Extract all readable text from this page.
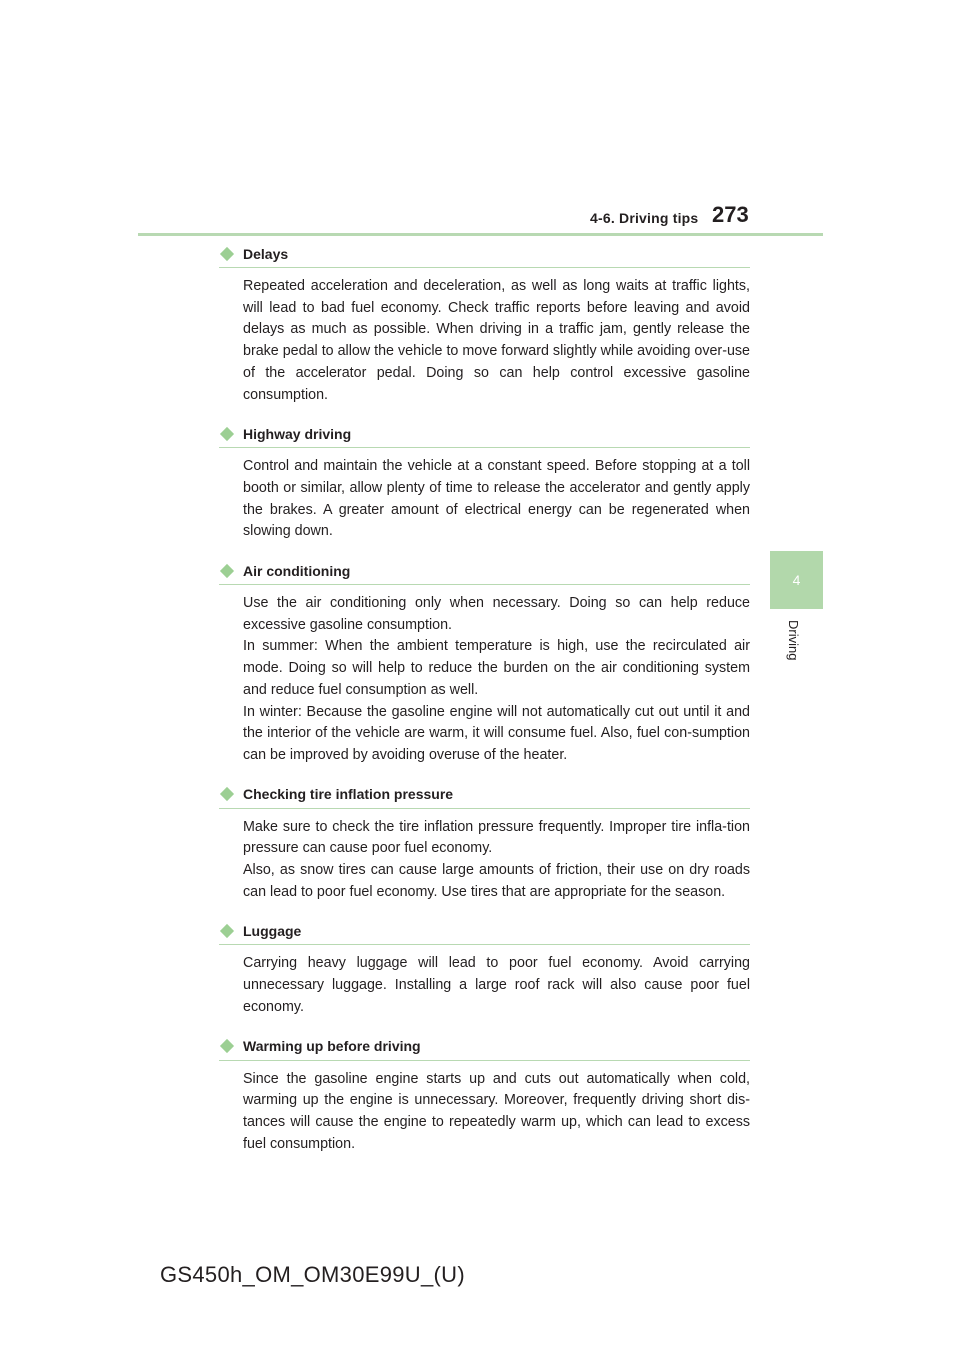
4-6. Driving tips 273
4
Driving
Delays

Repeated acceleration and deceleration, as well as long waits at traffic lights, will lead to bad fuel economy. Check traffic reports before leaving and avoid delays as much as possible. When driving in a traffic jam, gently release the brake pedal to allow the vehicle to move forward slightly while avoiding over-use of the accelerator pedal. Doing so can help control excessive gasoline consumption.

Highway driving

Control and maintain the vehicle at a constant speed. Before stopping at a toll booth or similar, allow plenty of time to release the accelerator and gently apply the brakes. A greater amount of electrical energy can be regenerated when slowing down.

Air conditioning

Use the air conditioning only when necessary. Doing so can help reduce excessive gasoline consumption.

In summer: When the ambient temperature is high, use the recirculated air mode. Doing so will help to reduce the burden on the air conditioning system and reduce fuel consumption as well.

In winter: Because the gasoline engine will not automatically cut out until it and the interior of the vehicle are warm, it will consume fuel. Also, fuel con-sumption can be improved by avoiding overuse of the heater.

Checking tire inflation pressure

Make sure to check the tire inflation pressure frequently. Improper tire infla-tion pressure can cause poor fuel economy.

Also, as snow tires can cause large amounts of friction, their use on dry roads can lead to poor fuel economy. Use tires that are appropriate for the season.

Luggage

Carrying heavy luggage will lead to poor fuel economy. Avoid carrying unnecessary luggage. Installing a large roof rack will also cause poor fuel economy.

Warming up before driving

Since the gasoline engine starts up and cuts out automatically when cold, warming up the engine is unnecessary. Moreover, frequently driving short dis-tances will cause the engine to repeatedly warm up, which can lead to excess fuel consumption.

GS450h_OM_OM30E99U_(U)
